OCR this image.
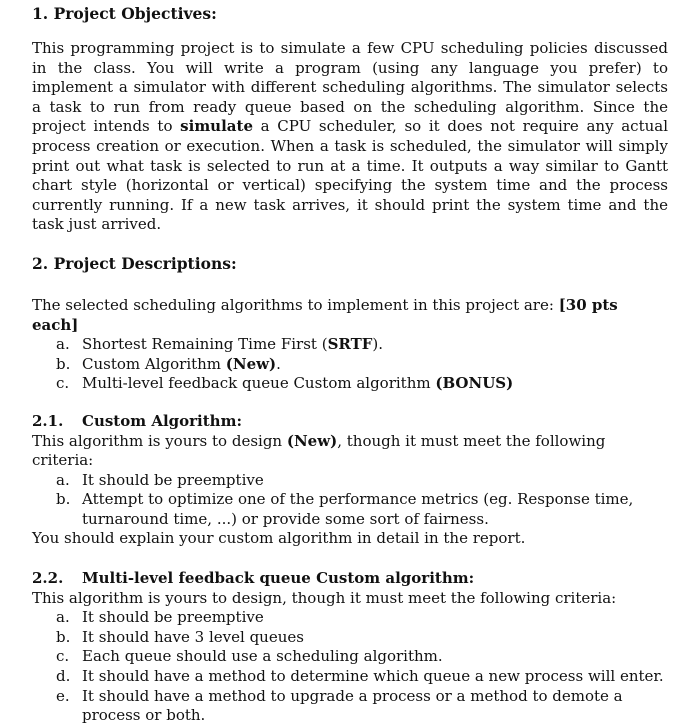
1. Project Objectives:

This programming project is to simulate a few CPU scheduling policies discussed in the class. You will write a program (using any language you prefer) to implement a simulator with different scheduling algorithms. The simulator selects a task to run from ready queue based on the scheduling algorithm. Since the project intends to simulate a CPU scheduler, so it does not require any actual process creation or execution. When a task is scheduled, the simulator will simply print out what task is selected to run at a time. It outputs a way similar to Gantt chart style (horizontal or vertical) specifying the system time and the process currently running. If a new task arrives, it should print the system time and the task just arrived.

2. Project Descriptions:

The selected scheduling algorithms to implement in this project are: [30 pts each]

a. Shortest Remaining Time First (SRTF).
b. Custom Algorithm (New).
c. Multi-level feedback queue Custom algorithm (BONUS)
2.1. Custom Algorithm:

This algorithm is yours to design (New), though it must meet the following criteria:

a. It should be preemptive
b. Attempt to optimize one of the performance metrics (eg. Response time, turnaround time, ...) or provide some sort of fairness.

You should explain your custom algorithm in detail in the report.

2.2. Multi-level feedback queue Custom algorithm:

This algorithm is yours to design, though it must meet the following criteria:

a. It should be preemptive
b. It should have 3 level queues
c. Each queue should use a scheduling algorithm.
d. It should have a method to determine which queue a new process will enter.
e. It should have a method to upgrade a process or a method to demote a process or both.
